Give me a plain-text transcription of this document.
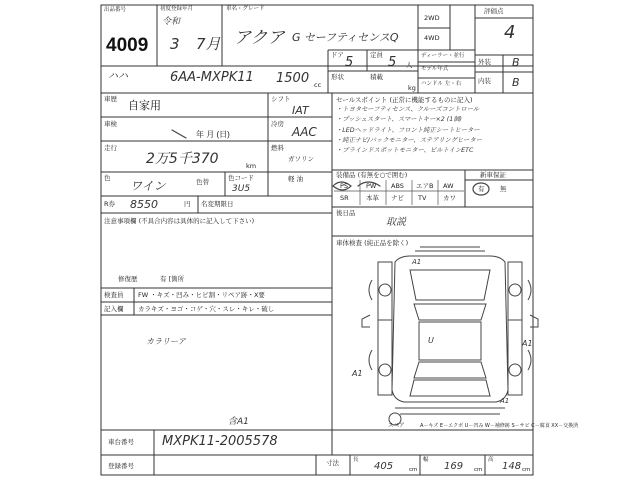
出品番号
4009
初度登録年月
令和
3 7月
車名・グレード
アクア G セーフティセンスQ
2WD
4WD
評価点
4
ハハ	6AA-MXPK11 1500 cc
ドア 5	定員 5 人
形状	積載
kg
ディーラー・並行
モデル年式
ハンドル 左・右
外装 B
内装 B
車歴
自家用
シフト
IAT
車検
年 月 (日)
冷房
AAC
走行
2万5千370	km
燃料
ガソリン
軽 油
色
ワイン	色替	色コード
3U5
R券 8550	円 名変期限日
注意事項欄 (不具合内容は具体的に記入して下さい)
修復歴	有 [箇所
検査員
記入欄
FW ・キズ・凹み・ヒビ割・リペア跡・X要
カラキズ・ヨゴ・コゲ・穴・スレ・キレ・破し
カラリーア
セールスポイント (正常に機能するものに記入)
・トヨタセーフティセンス、クルーズコントロール
・プッシュスタート、スマートキー×2 (1個)
・LEDヘッドライト、フロント純正シートヒーター
・純正ナビ/バックモニター、ステアリングヒーター
・ブラインドスポットモニター、ビルトインETC
装備品 (有無を○で囲む)
PS	PW ABS エアB AW
SR	本革 ナビ TV	カワ
新車保証
有 無
後日品
取説
車体検査 (純正品を除く)
スペア	A－キズ E－エクボ U－凹み W－補修跡 S－サビ C－腐食 XX－交換済
A1
A1
U
A1
A1
含A1
車台番号 MXPK11-2005578
登録番号	寸法	長
405	cm
幅
169 cm
高
148 cm
